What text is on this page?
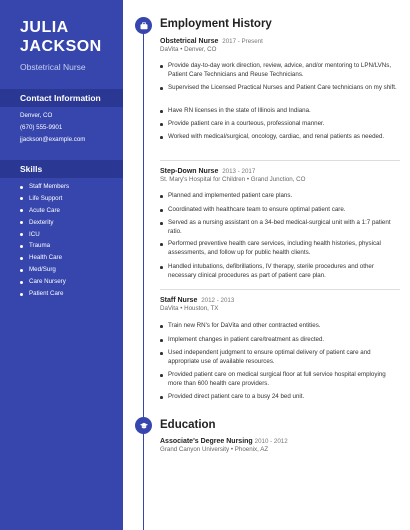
JULIA
JACKSON
Obstetrical Nurse
Contact Information
Denver, CO
(670) 555-9901
jjackson@example.com
Skills
Staff Members
Life Support
Acute Care
Dexterity
ICU
Trauma
Health Care
Med/Surg
Care Nursery
Patient Care
Employment History
Obstetrical Nurse 2017 - Present
DaVita • Denver, CO
Provide day-to-day work direction, review, advice, and/or mentoring to LPN/LVNs, Patient Care Technicians and Reuse Technicians.
Supervised the Licensed Practical Nurses and Patient Care technicians on my shift.
Have RN licenses in the state of Illinois and Indiana.
Provide patient care in a courteous, professional manner.
Worked with medical/surgical, oncology, cardiac, and renal patients as needed.
Step-Down Nurse 2013 - 2017
St. Mary's Hospital for Children • Grand Junction, CO
Planned and implemented patient care plans.
Coordinated with healthcare team to ensure optimal patient care.
Served as a nursing assistant on a 34-bed medical-surgical unit with a 1:7 patient ratio.
Performed preventive health care services, including health histories, physical assessments, and follow up for public health clients.
Handled intubations, defibrillations, IV therapy, sterile procedures and other necessary clinical procedures as part of patient care plan.
Staff Nurse 2012 - 2013
DaVita • Houston, TX
Train new RN's for DaVita and other contracted entities.
Implement changes in patient care/treatment as directed.
Used independent judgment to ensure optimal delivery of patient care and appropriate use of available resources.
Provided patient care on medical surgical floor at full service hospital employing more than 600 health care providers.
Provided direct patient care to a busy 24 bed unit.
Education
Associate's Degree Nursing 2010 - 2012
Grand Canyon University • Phoenix, AZ
